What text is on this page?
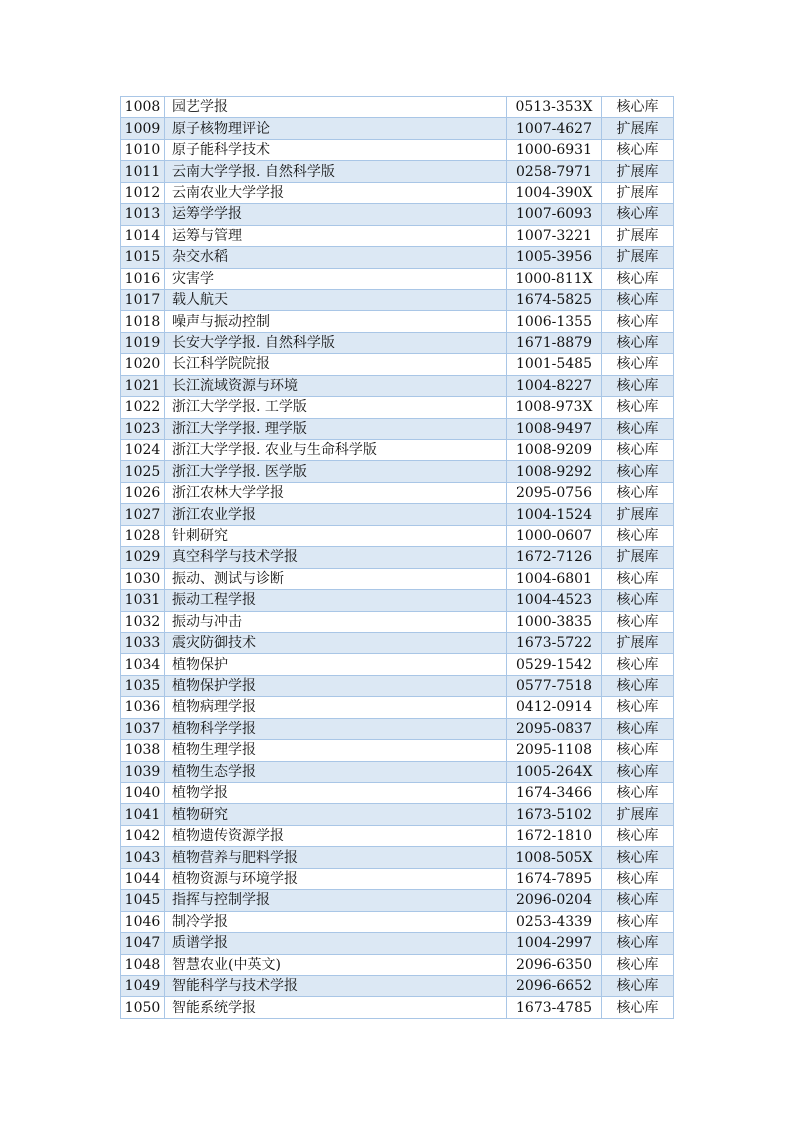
1008	园艺学报	0513-353X	核心库
1009	原子核物理评论	1007-4627	扩展库
1010	原子能科学技术	1000-6931	核心库
1011	云南大学学报. 自然科学版	0258-7971	扩展库
1012	云南农业大学学报	1004-390X	扩展库
1013	运筹学学报	1007-6093	核心库
1014	运筹与管理	1007-3221	扩展库
1015	杂交水稻	1005-3956	扩展库
1016	灾害学	1000-811X	核心库
1017	载人航天	1674-5825	核心库
1018	噪声与振动控制	1006-1355	核心库
1019	长安大学学报. 自然科学版	1671-8879	核心库
1020	长江科学院院报	1001-5485	核心库
1021	长江流域资源与环境	1004-8227	核心库
1022	浙江大学学报. 工学版	1008-973X	核心库
1023	浙江大学学报. 理学版	1008-9497	核心库
1024	浙江大学学报. 农业与生命科学版	1008-9209	核心库
1025	浙江大学学报. 医学版	1008-9292	核心库
1026	浙江农林大学学报	2095-0756	核心库
1027	浙江农业学报	1004-1524	扩展库
1028	针刺研究	1000-0607	核心库
1029	真空科学与技术学报	1672-7126	扩展库
1030	振动、测试与诊断	1004-6801	核心库
1031	振动工程学报	1004-4523	核心库
1032	振动与冲击	1000-3835	核心库
1033	震灾防御技术	1673-5722	扩展库
1034	植物保护	0529-1542	核心库
1035	植物保护学报	0577-7518	核心库
1036	植物病理学报	0412-0914	核心库
1037	植物科学学报	2095-0837	核心库
1038	植物生理学报	2095-1108	核心库
1039	植物生态学报	1005-264X	核心库
1040	植物学报	1674-3466	核心库
1041	植物研究	1673-5102	扩展库
1042	植物遗传资源学报	1672-1810	核心库
1043	植物营养与肥料学报	1008-505X	核心库
1044	植物资源与环境学报	1674-7895	核心库
1045	指挥与控制学报	2096-0204	核心库
1046	制冷学报	0253-4339	核心库
1047	质谱学报	1004-2997	核心库
1048	智慧农业(中英文)	2096-6350	核心库
1049	智能科学与技术学报	2096-6652	核心库
1050	智能系统学报	1673-4785	核心库
